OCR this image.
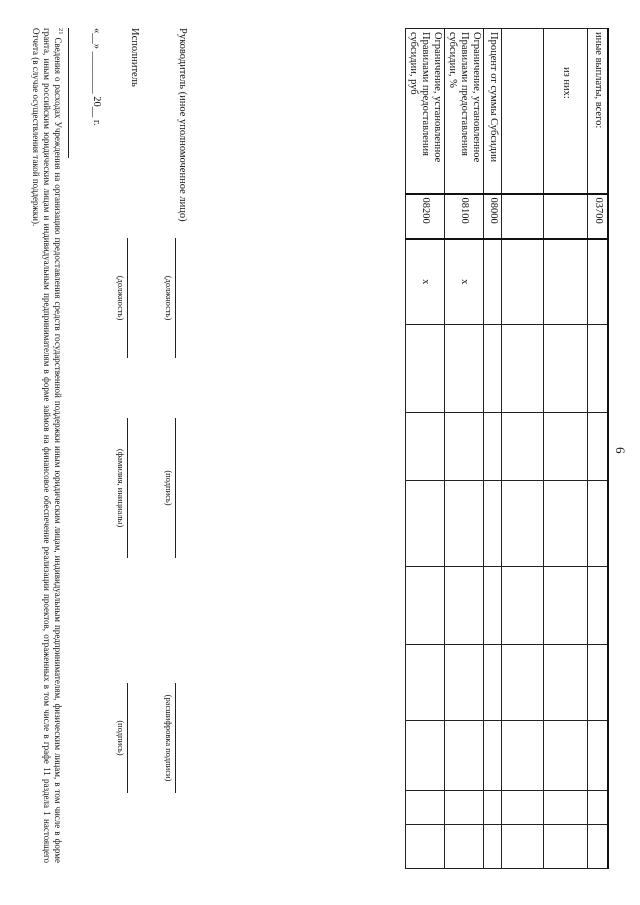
6
иные выплаты, всего:	03700									
из них:										

Процент от суммы Субсидии	08000									
Ограничение, установленное Правилами предоставления субсидии, %	08100	x								
Ограничение, установленное Правилами предоставления субсидии, руб	08200	x								
Руководитель (иное уполномоченное лицо)
(должность)
(подпись)
(расшифровка подписи)
Исполнитель
(должность)
(фамилия, инициалы)
(подпись)
«__» ________ 20__ г.
$^{21}$ Сведения о расходах Учреждения на организацию предоставления средств государственной поддержки иным юридическим лицам, индивидуальным предпринимателям, физическим лицам, в том числе в форме гранта, иным российским юридическим лицам и индивидуальным предпринимателям в форме займов на финансовое обеспечение реализации проектов, отраженных в том числе в графе 11 раздела 1 настоящего Отчета (в случае осуществления такой поддержки).
